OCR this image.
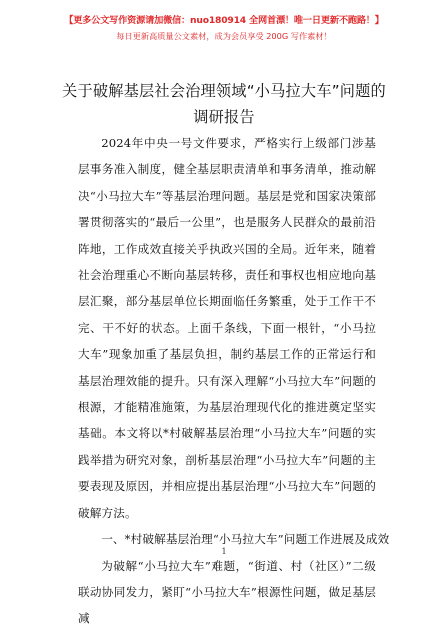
【更多公文写作资源请加微信：nuo180914 全网首漂！唯一日更新不跑路！】
每日更新高质量公文素材，成为会员享受 200G 写作素材！
关于破解基层社会治理领域“小马拉大车”问题的调研报告

2024年中央一号文件要求，严格实行上级部门涉基层事务准入制度，健全基层职责清单和事务清单，推动解决“小马拉大车”等基层治理问题。基层是党和国家决策部署贯彻落实的“最后一公里”，也是服务人民群众的最前沿阵地，工作成效直接关乎执政兴国的全局。近年来，随着社会治理重心不断向基层转移，责任和事权也相应地向基层汇聚，部分基层单位长期面临任务繁重，处于工作干不完、干不好的状态。上面千条线，下面一根针，“小马拉大车”现象加重了基层负担，制约基层工作的正常运行和基层治理效能的提升。只有深入理解“小马拉大车”问题的根源，才能精准施策，为基层治理现代化的推进奠定坚实基础。本文将以*村破解基层治理“小马拉大车”问题的实践举措为研究对象，剖析基层治理“小马拉大车”问题的主要表现及原因，并相应提出基层治理“小马拉大车”问题的破解方法。

一、*村破解基层治理“小马拉大车”问题工作进展及成效

为破解“小马拉大车”难题，“街道、村（社区）”二级联动协同发力，紧盯“小马拉大车”根源性问题，做足基层减

1
